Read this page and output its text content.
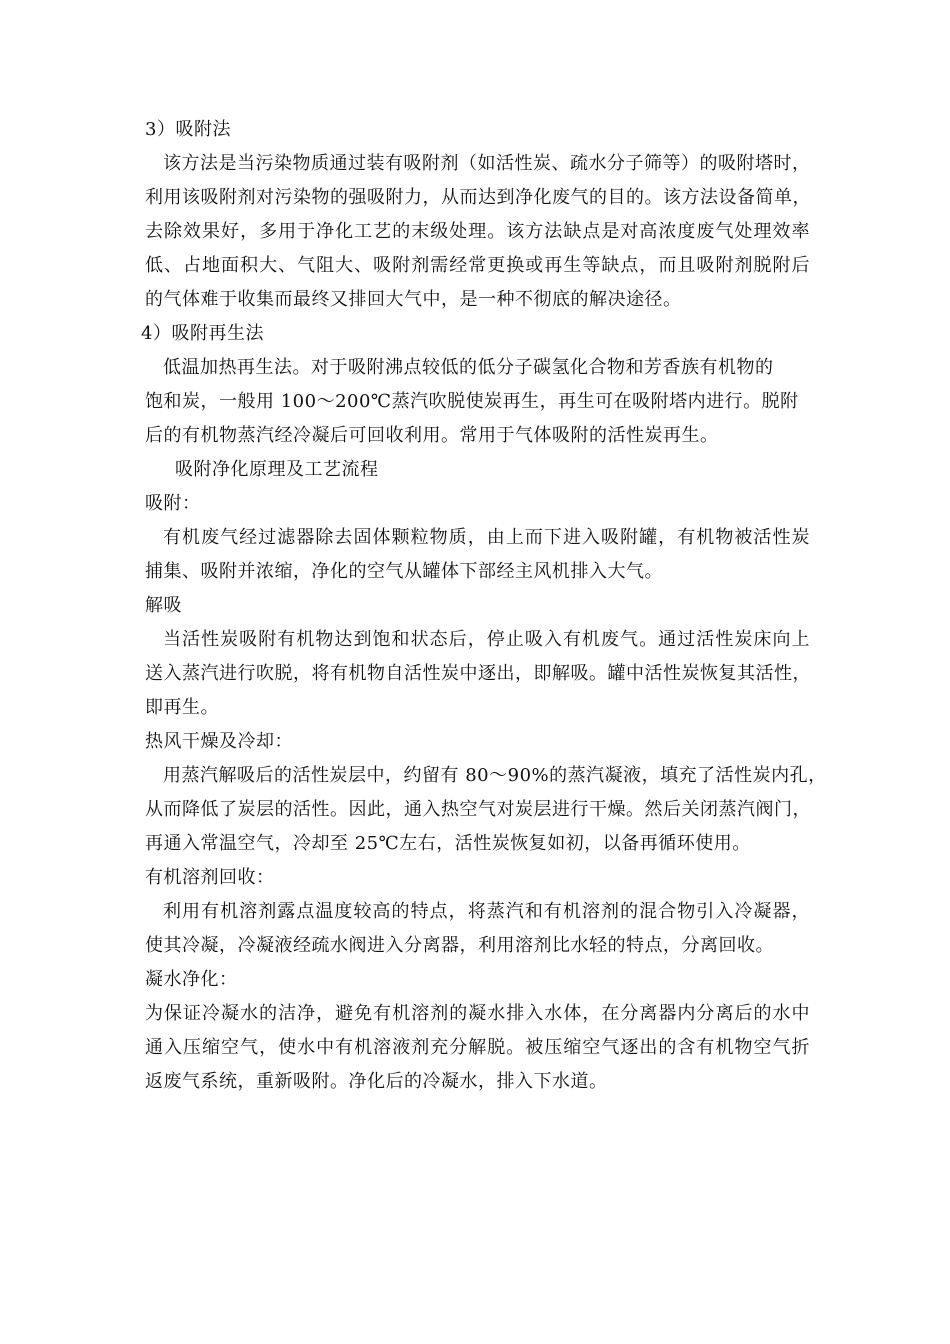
3）吸附法
该方法是当污染物质通过装有吸附剂（如活性炭、疏水分子筛等）的吸附塔时，
利用该吸附剂对污染物的强吸附力，从而达到净化废气的目的。该方法设备简单，
去除效果好，多用于净化工艺的末级处理。该方法缺点是对高浓度废气处理效率
低、占地面积大、气阻大、吸附剂需经常更换或再生等缺点，而且吸附剂脱附后
的气体难于收集而最终又排回大气中，是一种不彻底的解决途径。
4）吸附再生法
低温加热再生法。对于吸附沸点较低的低分子碳氢化合物和芳香族有机物的
饱和炭，一般用 100～200℃蒸汽吹脱使炭再生，再生可在吸附塔内进行。脱附
后的有机物蒸汽经冷凝后可回收利用。常用于气体吸附的活性炭再生。
吸附净化原理及工艺流程
吸附：
有机废气经过滤器除去固体颗粒物质，由上而下进入吸附罐，有机物被活性炭
捕集、吸附并浓缩，净化的空气从罐体下部经主风机排入大气。
解吸
当活性炭吸附有机物达到饱和状态后，停止吸入有机废气。通过活性炭床向上
送入蒸汽进行吹脱，将有机物自活性炭中逐出，即解吸。罐中活性炭恢复其活性，
即再生。
热风干燥及冷却：
用蒸汽解吸后的活性炭层中，约留有 80～90%的蒸汽凝液，填充了活性炭内孔，
从而降低了炭层的活性。因此，通入热空气对炭层进行干燥。然后关闭蒸汽阀门，
再通入常温空气，冷却至 25℃左右，活性炭恢复如初，以备再循环使用。
有机溶剂回收：
利用有机溶剂露点温度较高的特点，将蒸汽和有机溶剂的混合物引入冷凝器，
使其冷凝，冷凝液经疏水阀进入分离器，利用溶剂比水轻的特点，分离回收。
凝水净化：
为保证冷凝水的洁净，避免有机溶剂的凝水排入水体，在分离器内分离后的水中
通入压缩空气，使水中有机溶液剂充分解脱。被压缩空气逐出的含有机物空气折
返废气系统，重新吸附。净化后的冷凝水，排入下水道。
